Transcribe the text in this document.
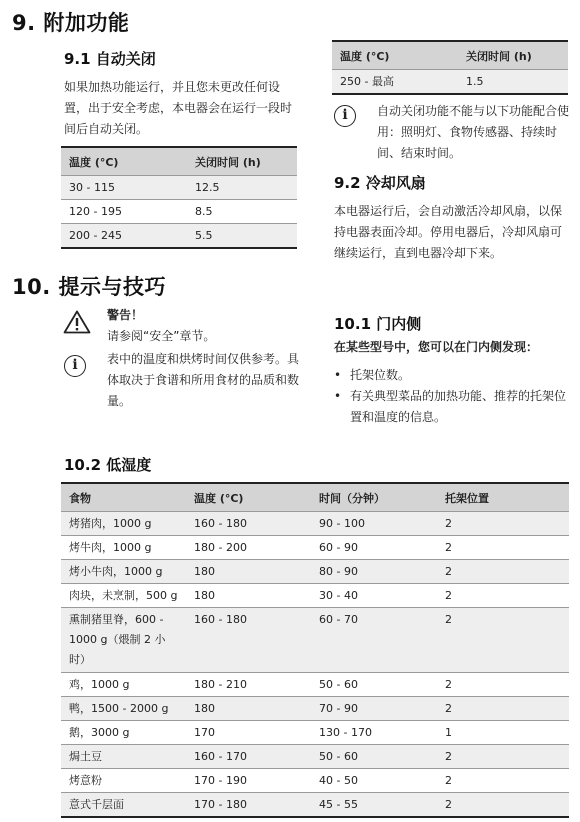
9. 附加功能
9.1 自动关闭
如果加热功能运行，并且您未更改任何设置，出于安全考虑，本电器会在运行一段时间后自动关闭。
温度 (°C)	关闭时间 (h)
30 - 115	12.5
120 - 195	8.5
200 - 245	5.5
温度 (°C)	关闭时间 (h)
250 - 最高	1.5
i	自动关闭功能不能与以下功能配合使用：照明灯、食物传感器、持续时间、结束时间。
9.2 冷却风扇
本电器运行后，会自动激活冷却风扇，以保持电器表面冷却。停用电器后，冷却风扇可继续运行，直到电器冷却下来。
10. 提示与技巧
警告！
请参阅“安全”章节。
i	表中的温度和烘烤时间仅供参考。具体取决于食谱和所用食材的品质和数量。
10.1 门内侧
在某些型号中，您可以在门内侧发现：
• 托架位数。
• 有关典型菜品的加热功能、推荐的托架位置和温度的信息。
10.2 低湿度
食物	温度 (°C)	时间（分钟）	托架位置
烤猪肉，1000 g	160 - 180	90 - 100	2
烤牛肉，1000 g	180 - 200	60 - 90	2
烤小牛肉，1000 g	180	80 - 90	2
肉块，未烹制，500 g	180	30 - 40	2
熏制猪里脊，600 - 1000 g（煨制 2 小时）	160 - 180	60 - 70	2
鸡，1000 g	180 - 210	50 - 60	2
鸭，1500 - 2000 g	180	70 - 90	2
鹅，3000 g	170	130 - 170	1
焗土豆	160 - 170	50 - 60	2
烤意粉	170 - 190	40 - 50	2
意式千层面	170 - 180	45 - 55	2
